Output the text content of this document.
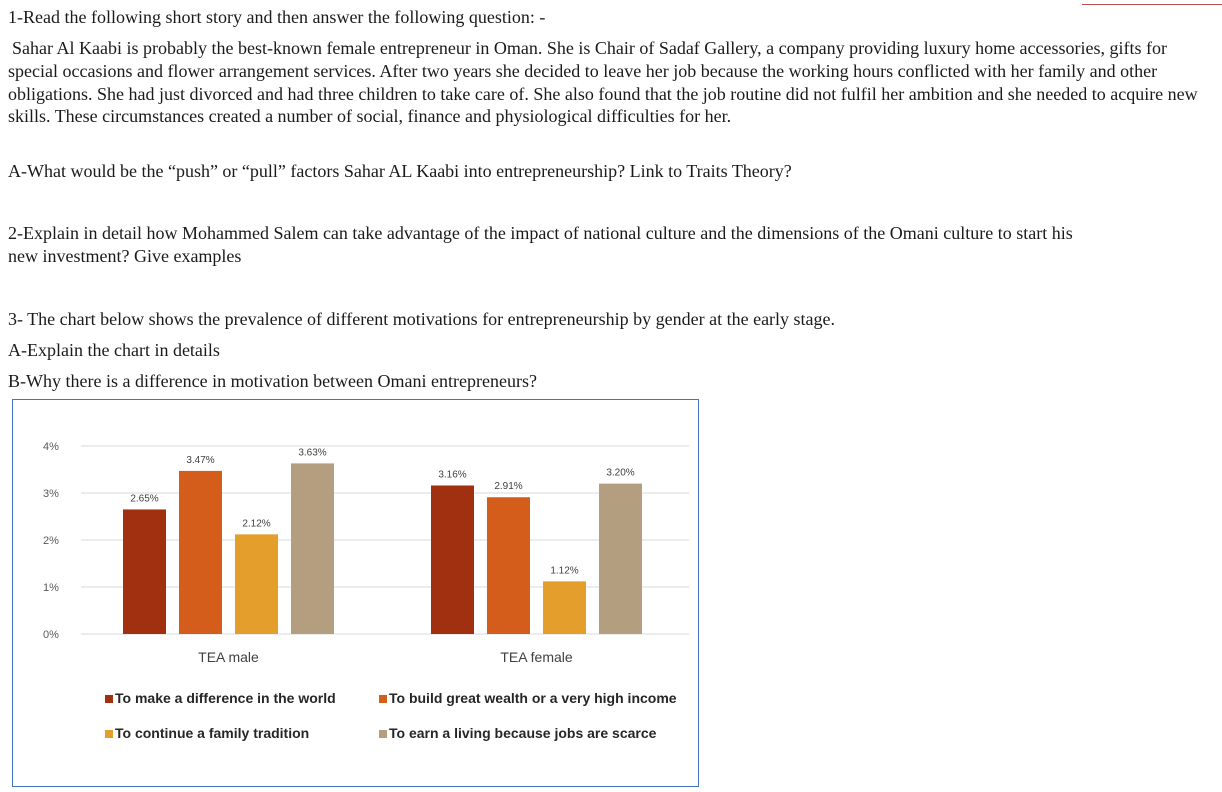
1-Read the following short story and then answer the following question: -
Sahar Al Kaabi is probably the best-known female entrepreneur in Oman. She is Chair of Sadaf Gallery, a company providing luxury home accessories, gifts for special occasions and flower arrangement services. After two years she decided to leave her job because the working hours conflicted with her family and other obligations. She had just divorced and had three children to take care of. She also found that the job routine did not fulfil her ambition and she needed to acquire new skills. These circumstances created a number of social, finance and physiological difficulties for her.
A-What would be the “push” or “pull” factors Sahar AL Kaabi into entrepreneurship? Link to Traits Theory?
2-Explain in detail how Mohammed Salem can take advantage of the impact of national culture and the dimensions of the Omani culture to start his
new investment? Give examples
3- The chart below shows the prevalence of different motivations for entrepreneurship by gender at the early stage.
A-Explain the chart in details
B-Why there is a difference in motivation between Omani entrepreneurs?
0%
1%
2%
3%
4%
2.65%
3.47%
2.12%
3.63%
TEA male
3.16%
2.91%
1.12%
3.20%
TEA female
To make a difference in the world	To build great wealth or a very high income
To continue a family tradition	To earn a living because jobs are scarce
